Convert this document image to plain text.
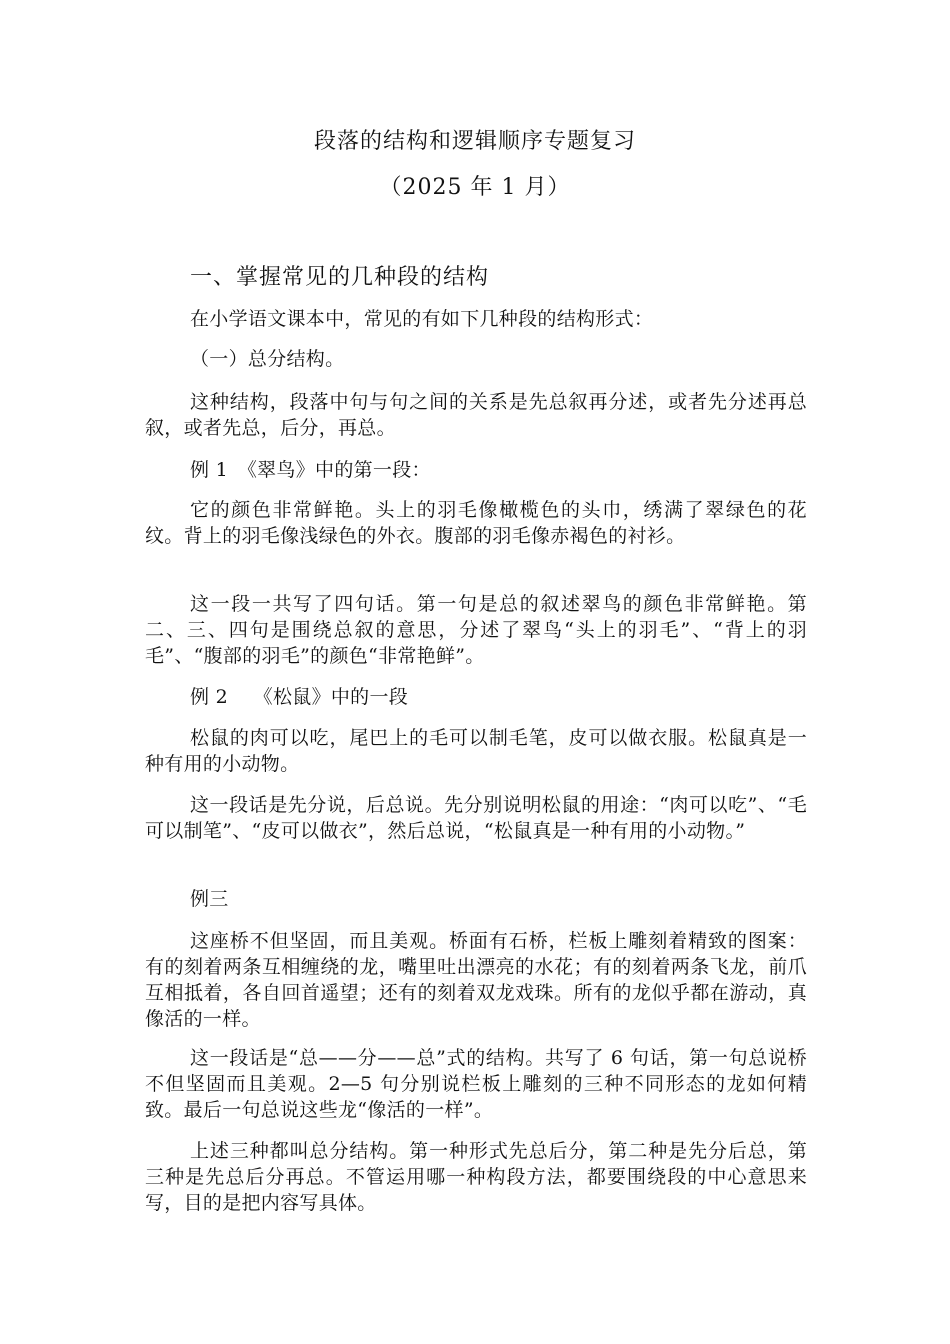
段落的结构和逻辑顺序专题复习

（2025 年 1 月）

一、掌握常见的几种段的结构

在小学语文课本中，常见的有如下几种段的结构形式：

（一）总分结构。

这种结构，段落中句与句之间的关系是先总叙再分述，或者先分述再总叙，或者先总，后分，再总。

例 1　《翠鸟》中的第一段：

它的颜色非常鲜艳。头上的羽毛像橄榄色的头巾，绣满了翠绿色的花纹。背上的羽毛像浅绿色的外衣。腹部的羽毛像赤褐色的衬衫。

这一段一共写了四句话。第一句是总的叙述翠鸟的颜色非常鲜艳。第二、三、四句是围绕总叙的意思，分述了翠鸟“头上的羽毛”、“背上的羽毛”、“腹部的羽毛”的颜色“非常艳鲜”。

例 2　 《松鼠》中的一段

松鼠的肉可以吃，尾巴上的毛可以制毛笔，皮可以做衣服。松鼠真是一种有用的小动物。

这一段话是先分说，后总说。先分别说明松鼠的用途：“肉可以吃”、“毛可以制笔”、“皮可以做衣”，然后总说，“松鼠真是一种有用的小动物。”

例三

这座桥不但坚固，而且美观。桥面有石桥，栏板上雕刻着精致的图案：有的刻着两条互相缠绕的龙，嘴里吐出漂亮的水花；有的刻着两条飞龙，前爪互相抵着，各自回首遥望；还有的刻着双龙戏珠。所有的龙似乎都在游动，真像活的一样。

这一段话是“总——分——总”式的结构。共写了 6 句话，第一句总说桥不但坚固而且美观。2—5 句分别说栏板上雕刻的三种不同形态的龙如何精致。最后一句总说这些龙“像活的一样”。

上述三种都叫总分结构。第一种形式先总后分，第二种是先分后总，第三种是先总后分再总。不管运用哪一种构段方法，都要围绕段的中心意思来写，目的是把内容写具体。
